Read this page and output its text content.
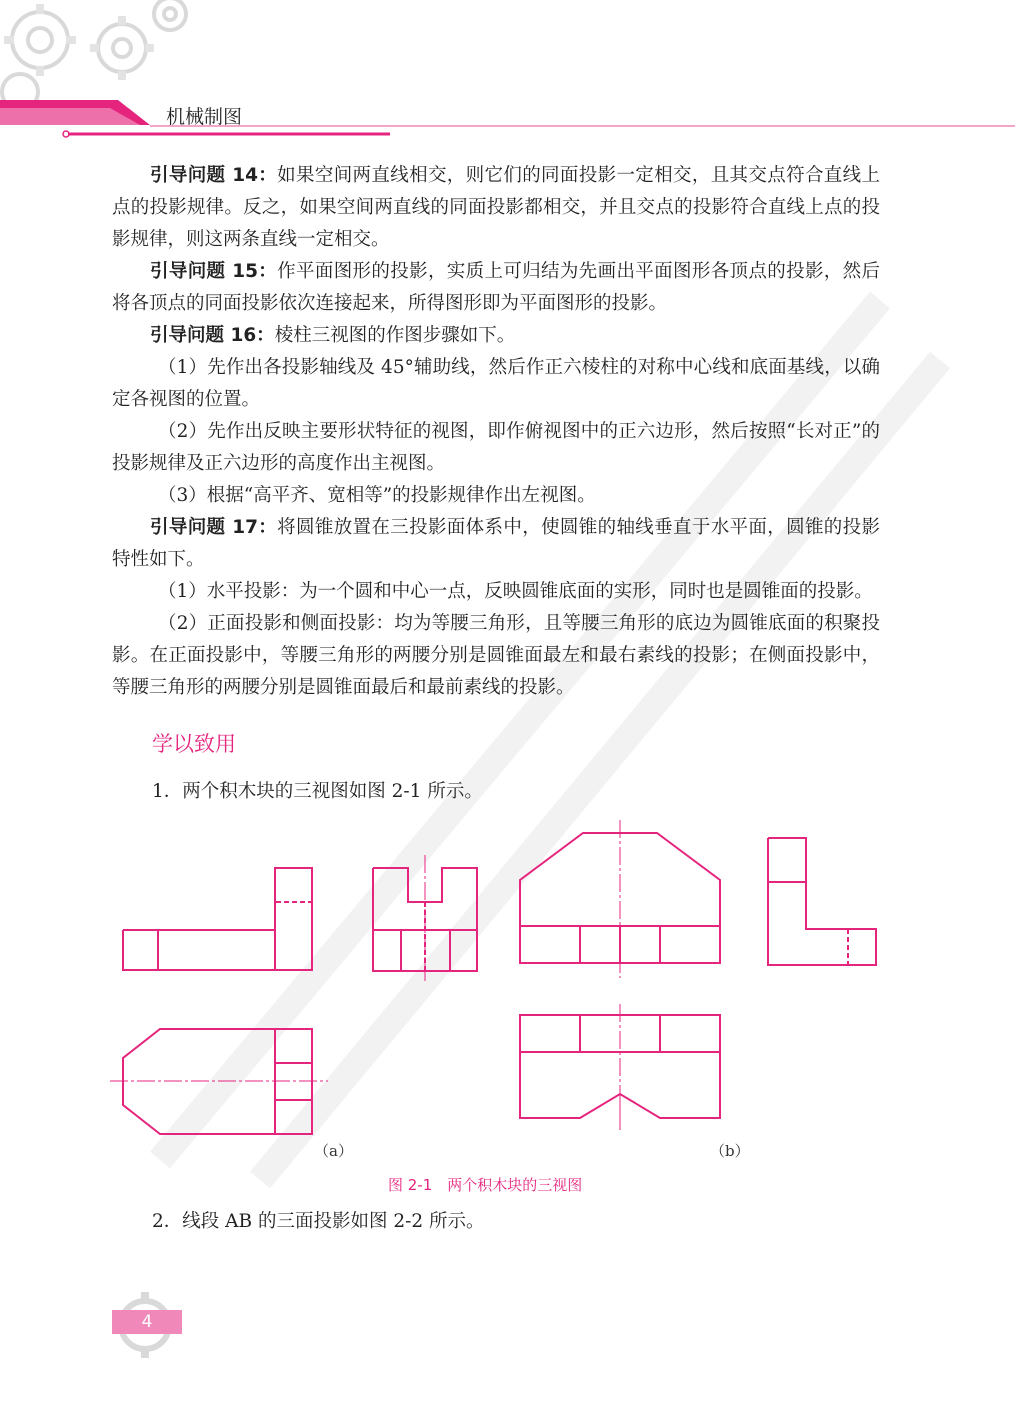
机械制图

引导问题 14：如果空间两直线相交，则它们的同面投影一定相交，且其交点符合直线上点的投影规律。反之，如果空间两直线的同面投影都相交，并且交点的投影符合直线上点的投影规律，则这两条直线一定相交。

引导问题 15：作平面图形的投影，实质上可归结为先画出平面图形各顶点的投影，然后将各顶点的同面投影依次连接起来，所得图形即为平面图形的投影。

引导问题 16：棱柱三视图的作图步骤如下。

（1）先作出各投影轴线及 45°辅助线，然后作正六棱柱的对称中心线和底面基线，以确定各视图的位置。

（2）先作出反映主要形状特征的视图，即作俯视图中的正六边形，然后按照“长对正”的投影规律及正六边形的高度作出主视图。

（3）根据“高平齐、宽相等”的投影规律作出左视图。

引导问题 17：将圆锥放置在三投影面体系中，使圆锥的轴线垂直于水平面，圆锥的投影特性如下。

（1）水平投影：为一个圆和中心一点，反映圆锥底面的实形，同时也是圆锥面的投影。

（2）正面投影和侧面投影：均为等腰三角形，且等腰三角形的底边为圆锥底面的积聚投影。在正面投影中，等腰三角形的两腰分别是圆锥面最左和最右素线的投影；在侧面投影中，等腰三角形的两腰分别是圆锥面最后和最前素线的投影。

学以致用
1．两个积木块的三视图如图 2-1 所示。
2．线段 AB 的三面投影如图 2-2 所示。
（a）	（b）
图 2-1　两个积木块的三视图
4
